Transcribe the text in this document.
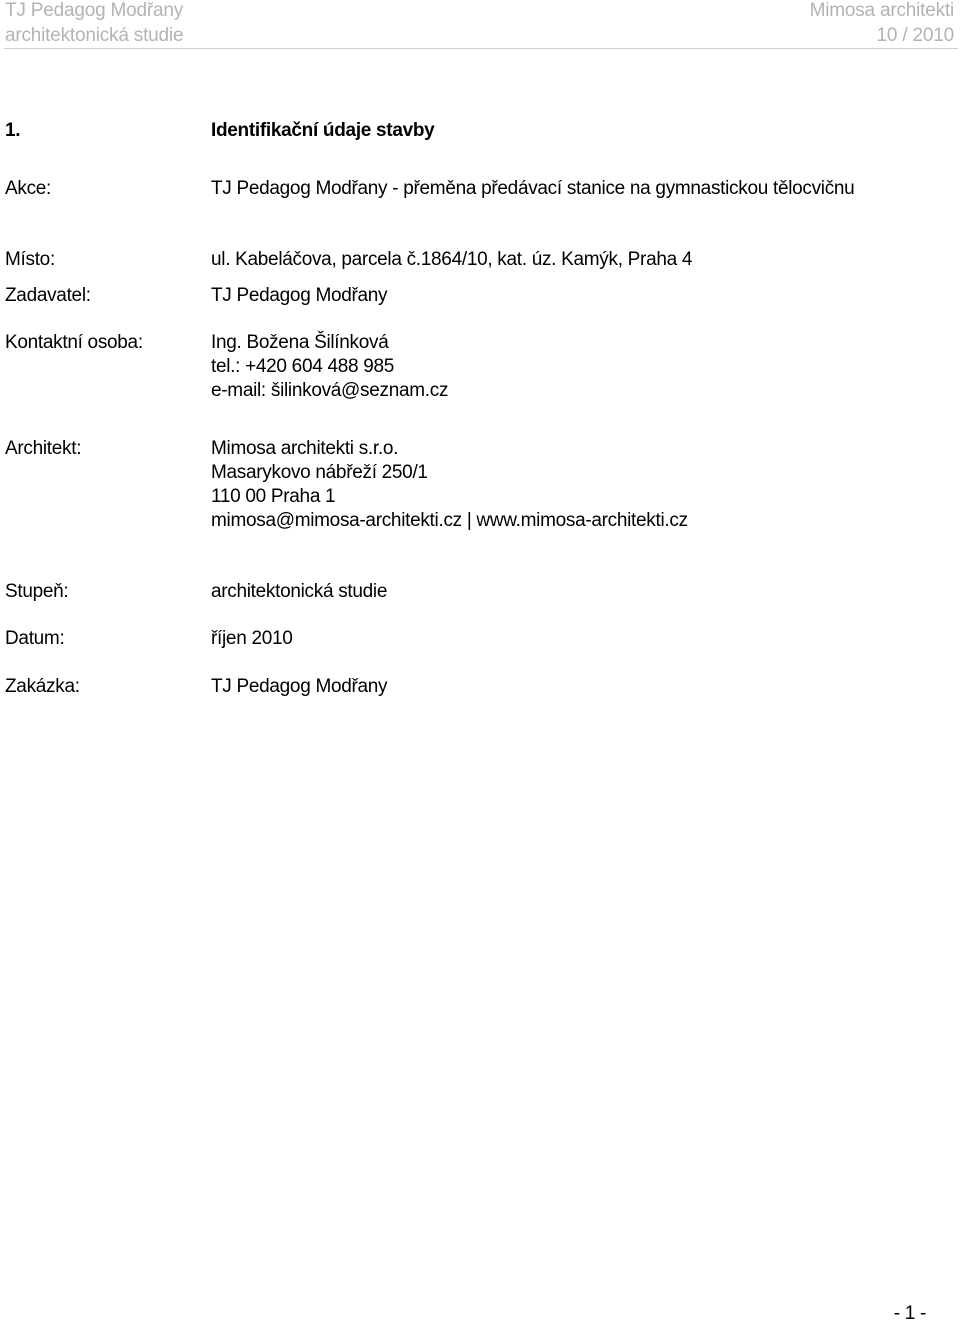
TJ Pedagog Modřany
architektonická studie
Mimosa architekti
10 / 2010
1.	Identifikační údaje stavby
Akce:	TJ Pedagog Modřany - přeměna předávací stanice na gymnastickou tělocvičnu
Místo:	ul. Kabeláčova, parcela č.1864/10, kat. úz. Kamýk, Praha 4
Zadavatel:	TJ Pedagog Modřany
Kontaktní osoba:	Ing. Božena Šilínková
tel.: +420 604 488 985
e-mail: šilinková@seznam.cz
Architekt:	Mimosa architekti s.r.o.
Masarykovo nábřeží 250/1
110 00 Praha 1
mimosa@mimosa-architekti.cz | www.mimosa-architekti.cz
Stupeň:	architektonická studie
Datum:	říjen 2010
Zakázka:	TJ Pedagog Modřany
- 1 -
